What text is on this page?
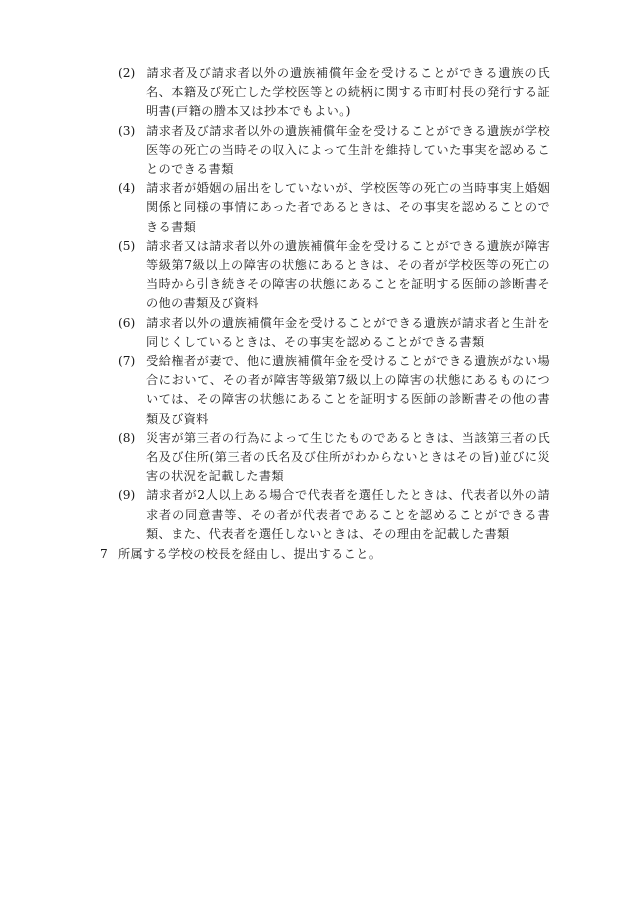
(2) 請求者及び請求者以外の遺族補償年金を受けることができる遺族の氏名、本籍及び死亡した学校医等との続柄に関する市町村長の発行する証明書(戸籍の謄本又は抄本でもよい。)
(3) 請求者及び請求者以外の遺族補償年金を受けることができる遺族が学校医等の死亡の当時その収入によって生計を維持していた事実を認めることのできる書類
(4) 請求者が婚姻の届出をしていないが、学校医等の死亡の当時事実上婚姻関係と同様の事情にあった者であるときは、その事実を認めることのできる書類
(5) 請求者又は請求者以外の遺族補償年金を受けることができる遺族が障害等級第7級以上の障害の状態にあるときは、その者が学校医等の死亡の当時から引き続きその障害の状態にあることを証明する医師の診断書その他の書類及び資料
(6) 請求者以外の遺族補償年金を受けることができる遺族が請求者と生計を同じくしているときは、その事実を認めることができる書類
(7) 受給権者が妻で、他に遺族補償年金を受けることができる遺族がない場合において、その者が障害等級第7級以上の障害の状態にあるものについては、その障害の状態にあることを証明する医師の診断書その他の書類及び資料
(8) 災害が第三者の行為によって生じたものであるときは、当該第三者の氏名及び住所(第三者の氏名及び住所がわからないときはその旨)並びに災害の状況を記載した書類
(9) 請求者が2人以上ある場合で代表者を選任したときは、代表者以外の請求者の同意書等、その者が代表者であることを認めることができる書類、また、代表者を選任しないときは、その理由を記載した書類
7 所属する学校の校長を経由し、提出すること。
